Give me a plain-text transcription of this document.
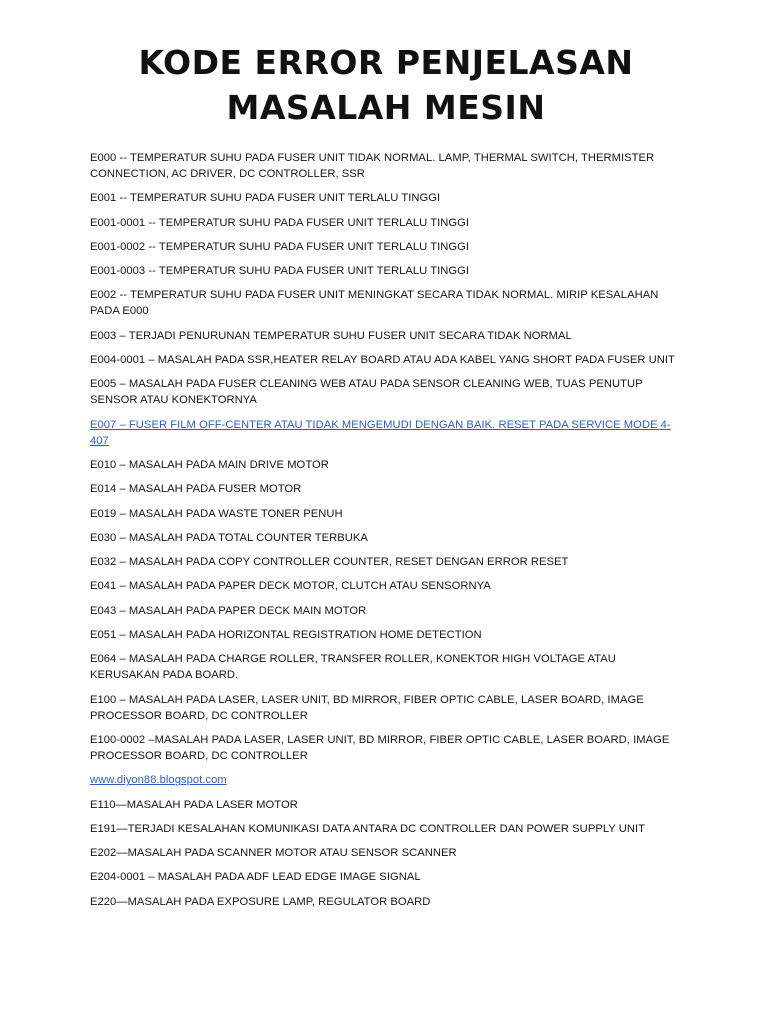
KODE ERROR PENJELASAN
MASALAH MESIN
E000 -- TEMPERATUR SUHU PADA FUSER UNIT TIDAK NORMAL. LAMP, THERMAL SWITCH, THERMISTER CONNECTION, AC DRIVER, DC CONTROLLER, SSR
E001 -- TEMPERATUR SUHU PADA FUSER UNIT TERLALU TINGGI
E001-0001 -- TEMPERATUR SUHU PADA FUSER UNIT TERLALU TINGGI
E001-0002 -- TEMPERATUR SUHU PADA FUSER UNIT TERLALU TINGGI
E001-0003 -- TEMPERATUR SUHU PADA FUSER UNIT TERLALU TINGGI
E002 -- TEMPERATUR SUHU PADA FUSER UNIT MENINGKAT SECARA TIDAK NORMAL. MIRIP KESALAHAN PADA E000
E003 – TERJADI PENURUNAN TEMPERATUR SUHU FUSER UNIT SECARA TIDAK NORMAL
E004-0001 – MASALAH PADA SSR,HEATER RELAY BOARD ATAU ADA KABEL YANG SHORT PADA FUSER UNIT
E005 – MASALAH PADA FUSER CLEANING WEB ATAU PADA SENSOR CLEANING WEB, TUAS PENUTUP SENSOR ATAU KONEKTORNYA
E007 – FUSER FILM OFF-CENTER ATAU TIDAK MENGEMUDI DENGAN BAIK. RESET PADA SERVICE MODE 4-407
E010 – MASALAH PADA MAIN DRIVE MOTOR
E014 – MASALAH PADA FUSER MOTOR
E019 – MASALAH PADA WASTE TONER PENUH
E030 – MASALAH PADA TOTAL COUNTER TERBUKA
E032 – MASALAH PADA COPY CONTROLLER COUNTER, RESET DENGAN ERROR RESET
E041 – MASALAH PADA PAPER DECK MOTOR, CLUTCH ATAU SENSORNYA
E043 – MASALAH PADA PAPER DECK MAIN MOTOR
E051 – MASALAH PADA HORIZONTAL REGISTRATION HOME DETECTION
E064 – MASALAH PADA CHARGE ROLLER, TRANSFER ROLLER, KONEKTOR HIGH VOLTAGE ATAU KERUSAKAN PADA BOARD.
E100 – MASALAH PADA LASER, LASER UNIT, BD MIRROR, FIBER OPTIC CABLE, LASER BOARD, IMAGE PROCESSOR BOARD, DC CONTROLLER
E100-0002 –MASALAH PADA LASER, LASER UNIT, BD MIRROR, FIBER OPTIC CABLE, LASER BOARD, IMAGE PROCESSOR BOARD, DC CONTROLLER
www.diyon88.blogspot.com
E110—MASALAH PADA LASER MOTOR
E191—TERJADI KESALAHAN KOMUNIKASI DATA ANTARA DC CONTROLLER DAN POWER SUPPLY UNIT
E202—MASALAH PADA SCANNER MOTOR ATAU SENSOR SCANNER
E204-0001 – MASALAH PADA ADF LEAD EDGE IMAGE SIGNAL
E220—MASALAH PADA EXPOSURE LAMP, REGULATOR BOARD
